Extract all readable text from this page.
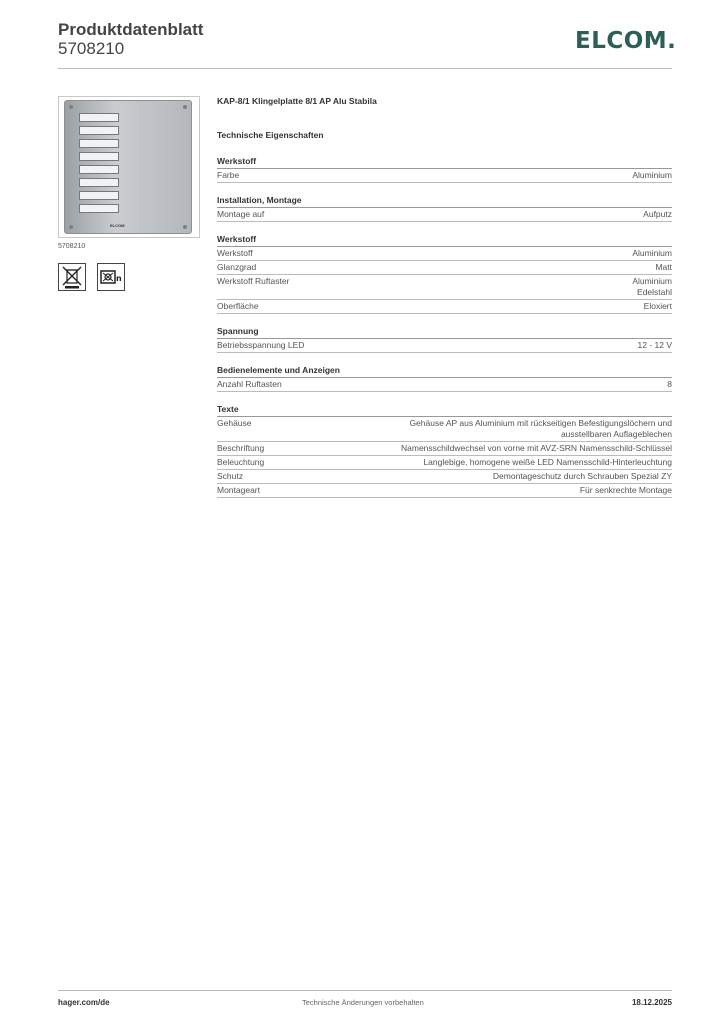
Produktdatenblatt
5708210	ELCOM.
ELCOM
5708210
n
KAP-8/1 Klingelplatte 8/1 AP Alu Stabila
Technische Eigenschaften
Werkstoff
Farbe	Aluminium
Installation, Montage
Montage auf	Aufputz
Werkstoff
Werkstoff	Aluminium
Glanzgrad	Matt
Werkstoff Ruftaster	Aluminium
Edelstahl
Oberfläche	Eloxiert
Spannung
Betriebsspannung LED	12 - 12 V
Bedienelemente und Anzeigen
Anzahl Ruftasten	8
Texte
Gehäuse	Gehäuse AP aus Aluminium mit rückseitigen Befestigungslöchern und
ausstellbaren Auflageblechen
Beschriftung	Namensschildwechsel von vorne mit AVZ-SRN Namensschild-Schlüssel
Beleuchtung	Langlebige, homogene weiße LED Namensschild-Hinterleuchtung
Schutz	Demontageschutz durch Schrauben Spezial ZY
Montageart	Für senkrechte Montage
hager.com/de	Technische Änderungen vorbehalten	18.12.2025
